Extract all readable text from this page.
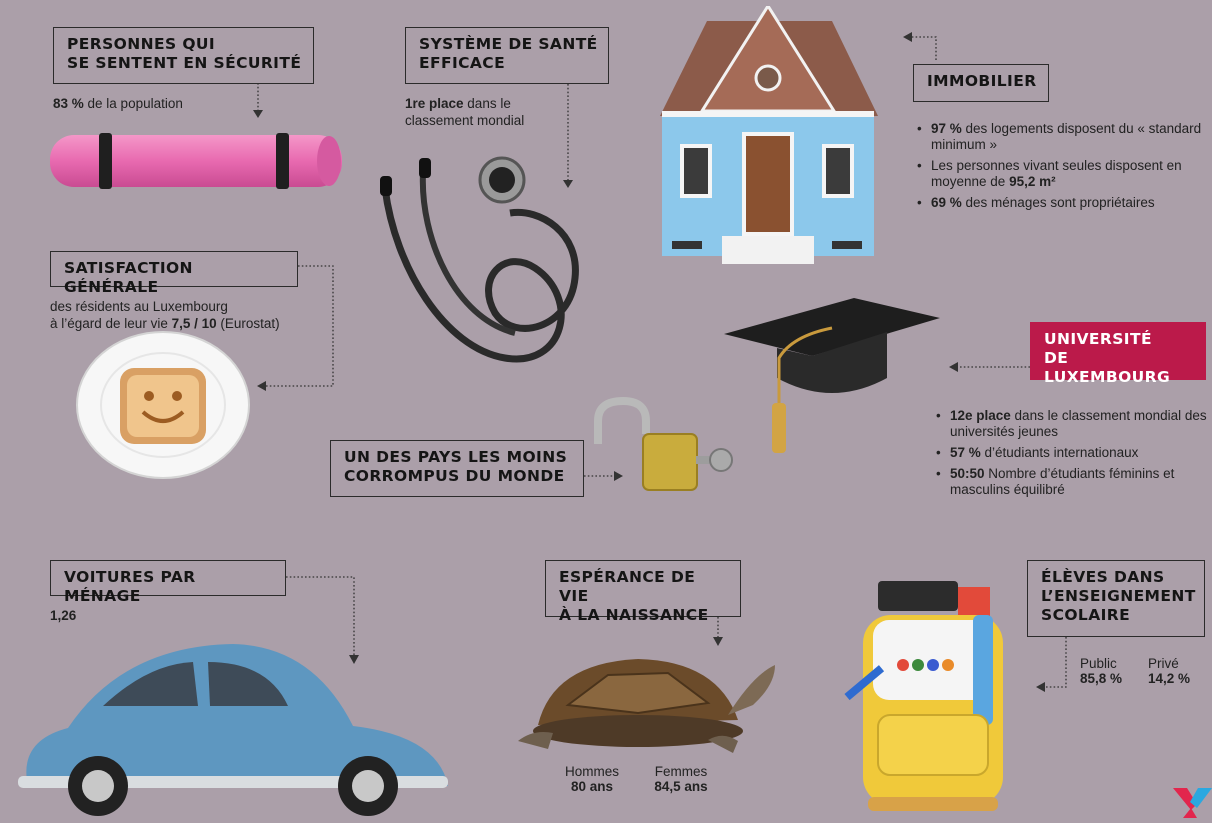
PERSONNES QUI
SE SENTENT EN SÉCURITÉ
83 % de la population
SYSTÈME DE SANTÉ
EFFICACE
1re place dans le
classement mondial
IMMOBILIER
• 97 % des logements disposent du « standard minimum »
• Les personnes vivant seules disposent en moyenne de 95,2 m²
• 69 % des ménages sont propriétaires
SATISFACTION GÉNÉRALE
des résidents au Luxembourg
à l’égard de leur vie 7,5 / 10 (Eurostat)
UNIVERSITÉ
DE LUXEMBOURG
• 12e place dans le classement mondial des universités jeunes
• 57 % d’étudiants internationaux
• 50:50 Nombre d’étudiants féminins et masculins équilibré
UN DES PAYS LES MOINS
CORROMPUS DU MONDE
VOITURES PAR MÉNAGE
1,26
ESPÉRANCE DE VIE
À LA NAISSANCE
Hommes
80 ans
Femmes
84,5 ans
ÉLÈVES DANS
L’ENSEIGNEMENT
SCOLAIRE
Public
85,8 %
Privé
14,2 %
